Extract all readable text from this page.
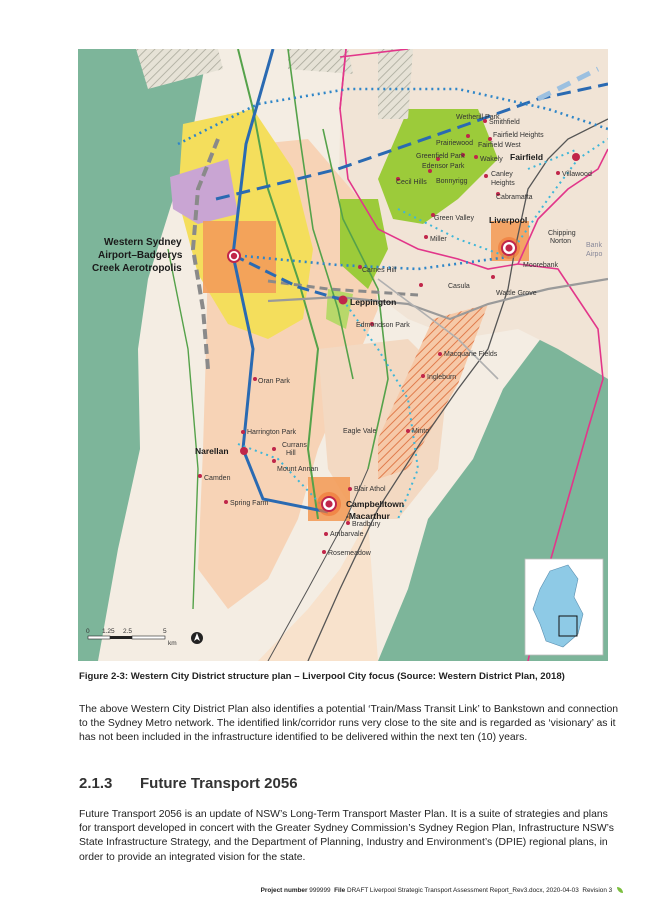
Western Sydney
Airport–Badgerys
Creek Aerotropolis
Leppington
Liverpool
Fairfield
Narellan
Campbelltown
-Macarthur
Wetherill Park
Smithfield
Fairfield Heights
Prairiewood Fairfield West
Greenfield Park
Edensor Park
Wakely
Villawood
Canley
Heights
Cecil Hills Bonnyrigg
Cabramatta
Green Valley
Miller
Chipping
Norton
Bank
Airpo
Moorebank
Carnes Hill
Casula
Wattle Grove
Edmondson Park
Macquarie Fields
Ingleburn
Oran Park
Harrington Park
Currans
Hill
Eagle Vale	Minto
Mount Annan
Camden
Blair Athol
Spring Farm
Bradbury
Ambarvale
Rosemeadow
0 1.25 2.5	5
km
Figure 2-3: Western City District structure plan – Liverpool City focus (Source: Western District Plan, 2018)

The above Western City District Plan also identifies a potential ‘Train/Mass Transit Link’ to Bankstown and connection to the Sydney Metro network. The identified link/corridor runs very close to the site and is regarded as ‘visionary’ as it has not been included in the infrastructure identified to be delivered within the next ten (10) years.

2.1.3 Future Transport 2056

Future Transport 2056 is an update of NSW’s Long-Term Transport Master Plan. It is a suite of strategies and plans for transport developed in concert with the Greater Sydney Commission’s Sydney Region Plan, Infrastructure NSW’s State Infrastructure Strategy, and the Department of Planning, Industry and Environment’s (DPIE) regional plans, in order to provide an integrated vision for the state.

Project number 999999 File DRAFT Liverpool Strategic Transport Assessment Report_Rev3.docx, 2020-04-03 Revision 3
